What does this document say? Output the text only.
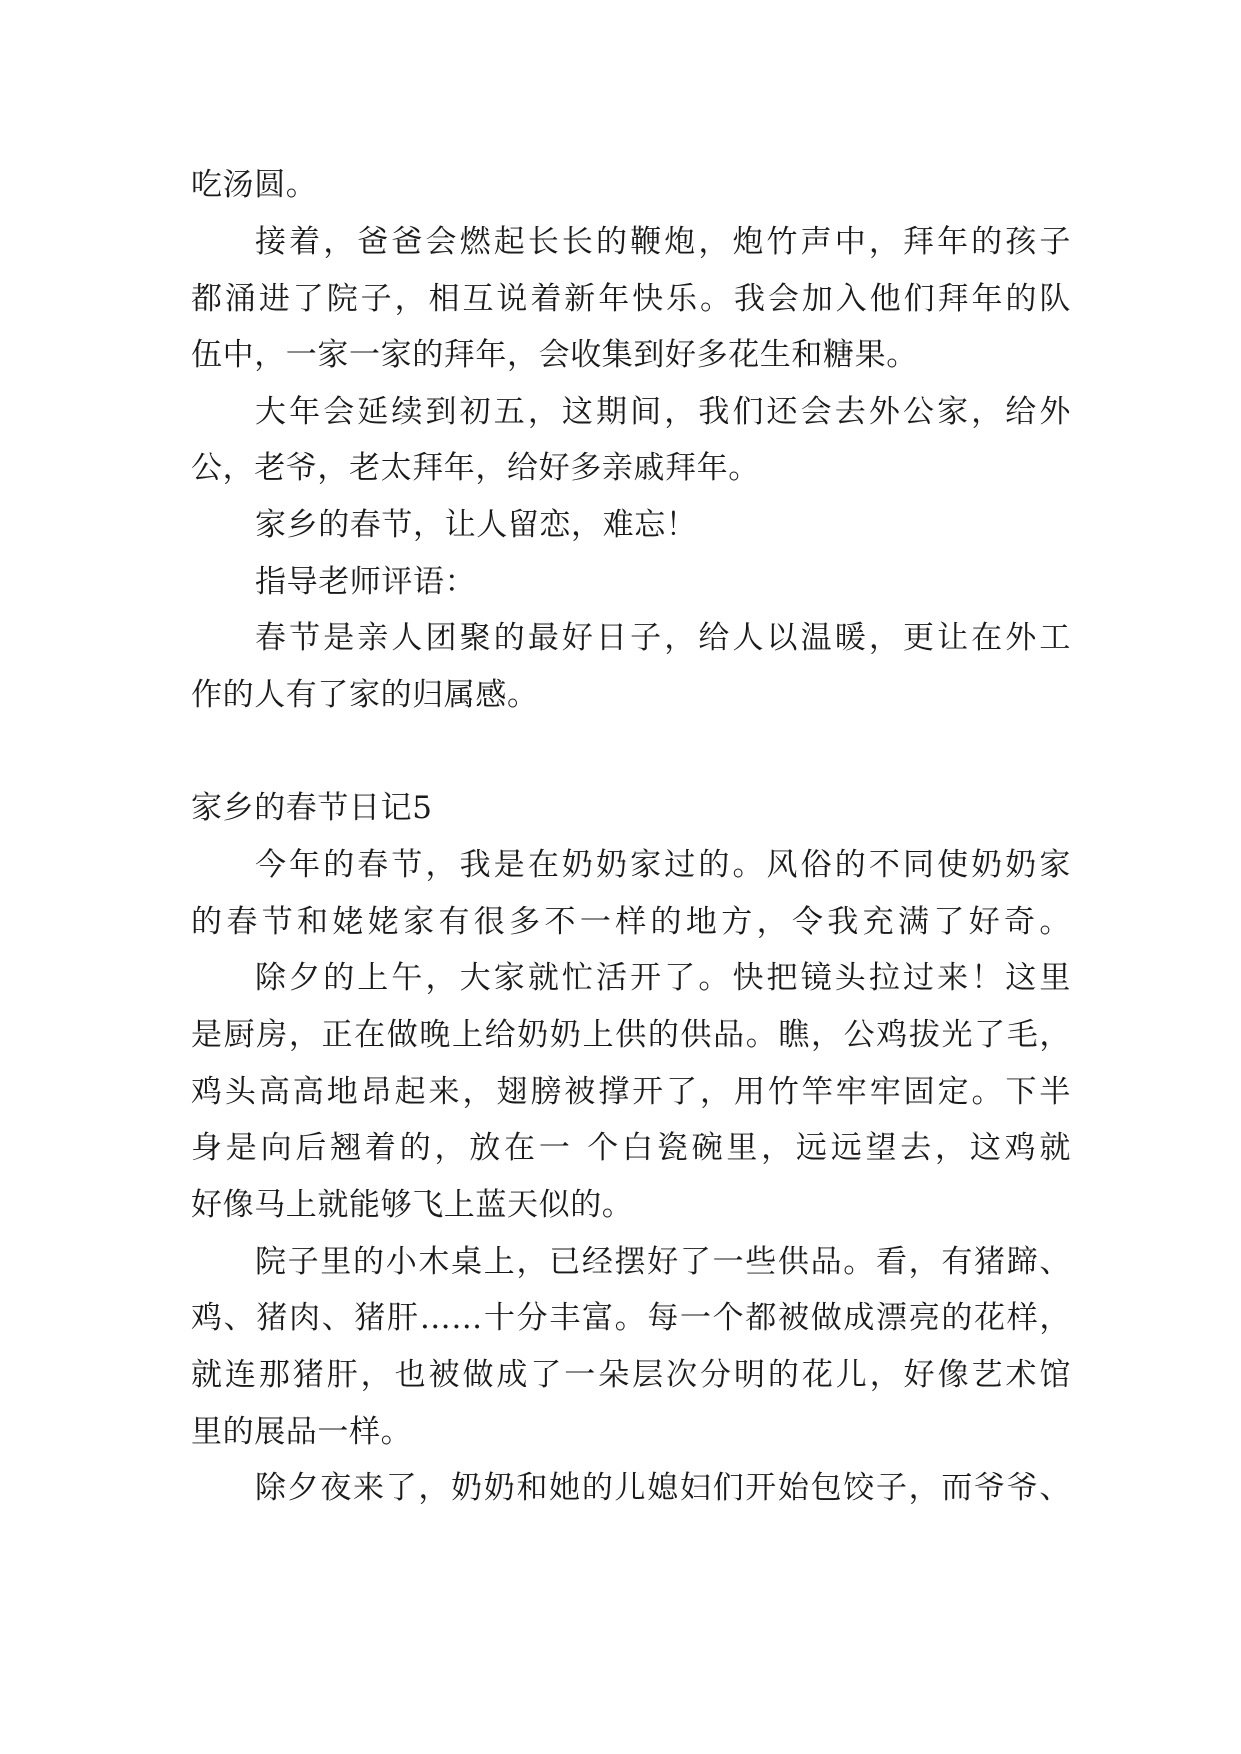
吃汤圆。
接着，爸爸会燃起长长的鞭炮，炮竹声中，拜年的孩子
都涌进了院子，相互说着新年快乐。我会加入他们拜年的队
伍中，一家一家的拜年，会收集到好多花生和糖果。
大年会延续到初五，这期间，我们还会去外公家，给外
公，老爷，老太拜年，给好多亲戚拜年。
家乡的春节，让人留恋，难忘！
指导老师评语：
春节是亲人团聚的最好日子，给人以温暖，更让在外工
作的人有了家的归属感。
家乡的春节日记5
今年的春节，我是在奶奶家过的。风俗的不同使奶奶家
的春节和姥姥家有很多不一样的地方，令我充满了好奇。
除夕的上午，大家就忙活开了。快把镜头拉过来！这里
是厨房，正在做晚上给奶奶上供的供品。瞧，公鸡拔光了毛，
鸡头高高地昂起来，翅膀被撑开了，用竹竿牢牢固定。下半
身是向后翘着的，放在一 个白瓷碗里，远远望去，这鸡就
好像马上就能够飞上蓝天似的。
院子里的小木桌上，已经摆好了一些供品。看，有猪蹄、
鸡、猪肉、猪肝……十分丰富。每一个都被做成漂亮的花样，
就连那猪肝，也被做成了一朵层次分明的花儿，好像艺术馆
里的展品一样。
除夕夜来了，奶奶和她的儿媳妇们开始包饺子，而爷爷、
